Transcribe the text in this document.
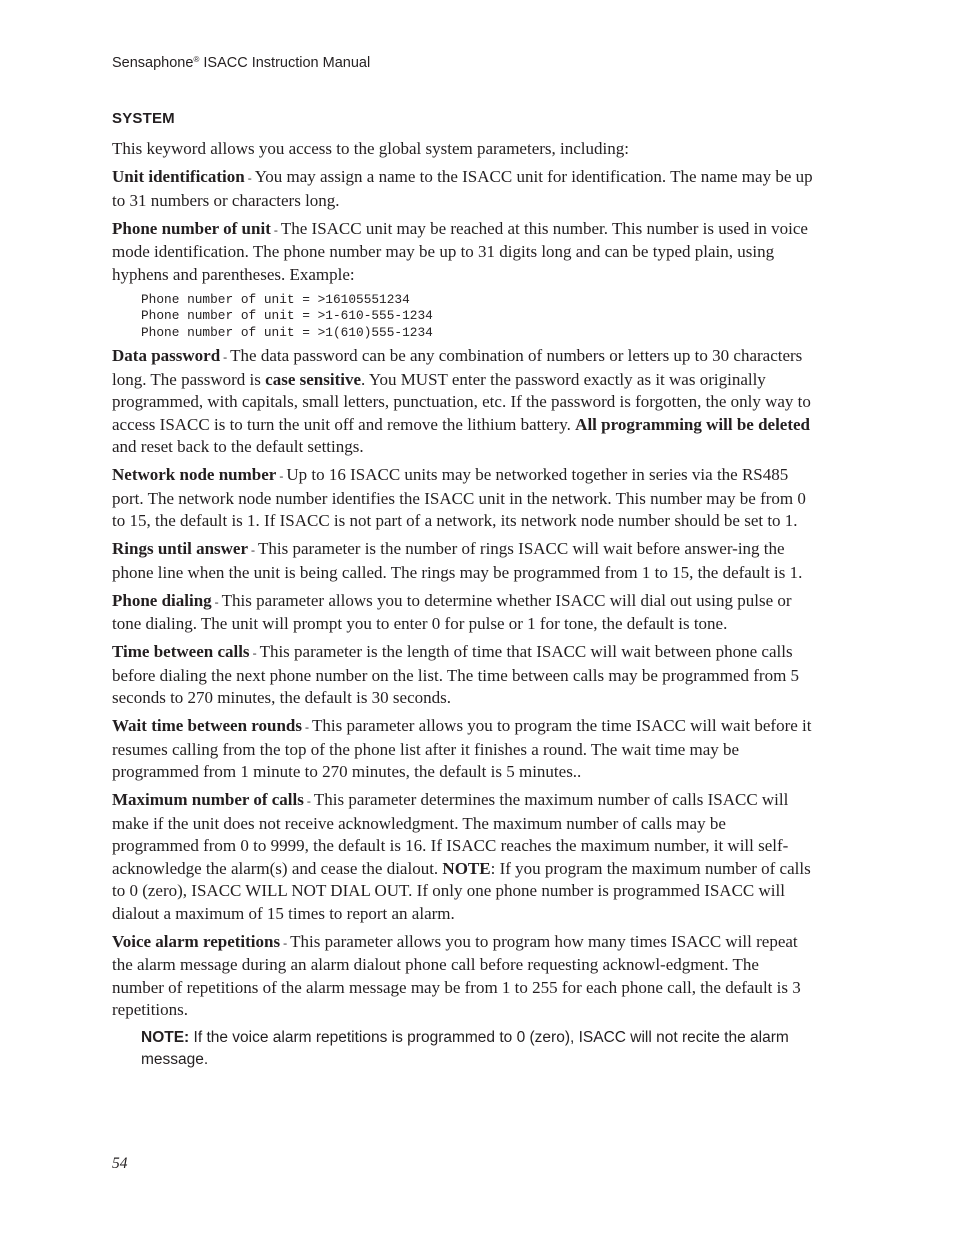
Sensaphone® ISACC Instruction Manual
SYSTEM

This keyword allows you access to the global system parameters, including:

Unit identification - You may assign a name to the ISACC unit for identification. The name may be up to 31 numbers or characters long.

Phone number of unit - The ISACC unit may be reached at this number. This number is used in voice mode identification. The phone number may be up to 31 digits long and can be typed plain, using hyphens and parentheses. Example:

Phone number of unit = >16105551234
Phone number of unit = >1-610-555-1234
Phone number of unit = >1(610)555-1234

Data password - The data password can be any combination of numbers or letters up to 30 characters long. The password is case sensitive. You MUST enter the password exactly as it was originally programmed, with capitals, small letters, punctuation, etc. If the password is forgotten, the only way to access ISACC is to turn the unit off and remove the lithium battery. All programming will be deleted and reset back to the default settings.

Network node number - Up to 16 ISACC units may be networked together in series via the RS485 port. The network node number identifies the ISACC unit in the network. This number may be from 0 to 15, the default is 1. If ISACC is not part of a network, its network node number should be set to 1.

Rings until answer - This parameter is the number of rings ISACC will wait before answer-ing the phone line when the unit is being called. The rings may be programmed from 1 to 15, the default is 1.

Phone dialing - This parameter allows you to determine whether ISACC will dial out using pulse or tone dialing. The unit will prompt you to enter 0 for pulse or 1 for tone, the default is tone.

Time between calls - This parameter is the length of time that ISACC will wait between phone calls before dialing the next phone number on the list. The time between calls may be programmed from 5 seconds to 270 minutes, the default is 30 seconds.

Wait time between rounds - This parameter allows you to program the time ISACC will wait before it resumes calling from the top of the phone list after it finishes a round. The wait time may be programmed from 1 minute to 270 minutes, the default is 5 minutes..

Maximum number of calls - This parameter determines the maximum number of calls ISACC will make if the unit does not receive acknowledgment. The maximum number of calls may be programmed from 0 to 9999, the default is 16. If ISACC reaches the maximum number, it will self-acknowledge the alarm(s) and cease the dialout. NOTE: If you program the maximum number of calls to 0 (zero), ISACC WILL NOT DIAL OUT. If only one phone number is programmed ISACC will dialout a maximum of 15 times to report an alarm.

Voice alarm repetitions - This parameter allows you to program how many times ISACC will repeat the alarm message during an alarm dialout phone call before requesting acknowl-edgment. The number of repetitions of the alarm message may be from 1 to 255 for each phone call, the default is 3 repetitions.

NOTE: If the voice alarm repetitions is programmed to 0 (zero), ISACC will not recite the alarm message.
54
